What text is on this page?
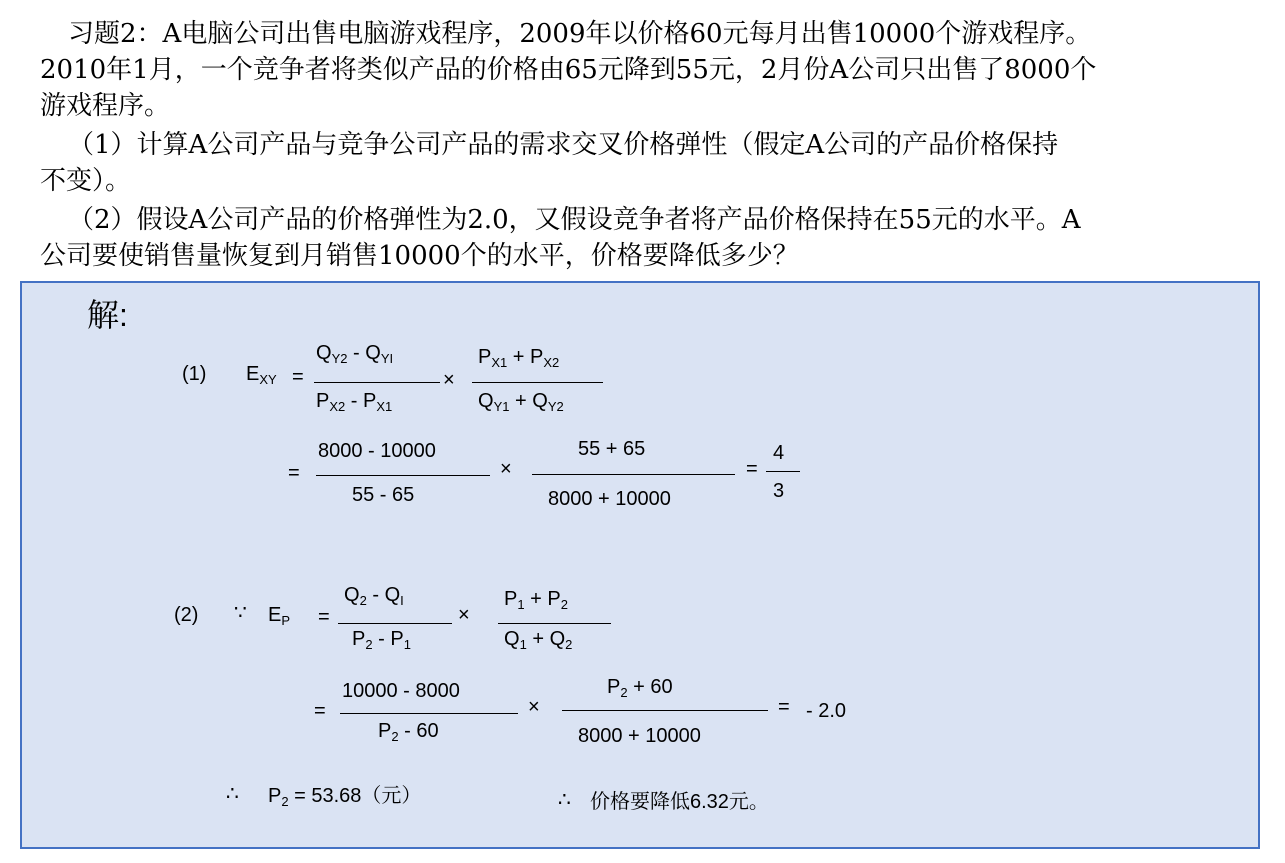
习题2：A电脑公司出售电脑游戏程序，2009年以价格60元每月出售10000个游戏程序。
2010年1月，一个竞争者将类似产品的价格由65元降到55元，2月份A公司只出售了8000个
游戏程序。
（1）计算A公司产品与竞争公司产品的需求交叉价格弹性（假定A公司的产品价格保持
不变）。
（2）假设A公司产品的价格弹性为2.0，又假设竞争者将产品价格保持在55元的水平。A
公司要使销售量恢复到月销售10000个的水平，价格要降低多少？
解:
(1) $E_{XY}$ =
$Q_{Y2} - Q_{YI}$
$P_{X2} - P_{X1}$
×
$P_{X1} + P_{X2}$
$Q_{Y1} + Q_{Y2}$
=
8000 - 10000
55 - 65
×
55 + 65
8000 + 10000
=
4
3
(2) ∵ $E_P$ =
$Q_2 - Q_I$
$P_2 - P_1$
×
$P_1 + P_2$
$Q_1 + Q_2$
=
10000 - 8000
$P_2 - 60$
×
$P_2 + 60$
8000 + 10000
= - 2.0
∴ $P_2 = 53.68$（元）	∴ 价格要降低6.32元。
